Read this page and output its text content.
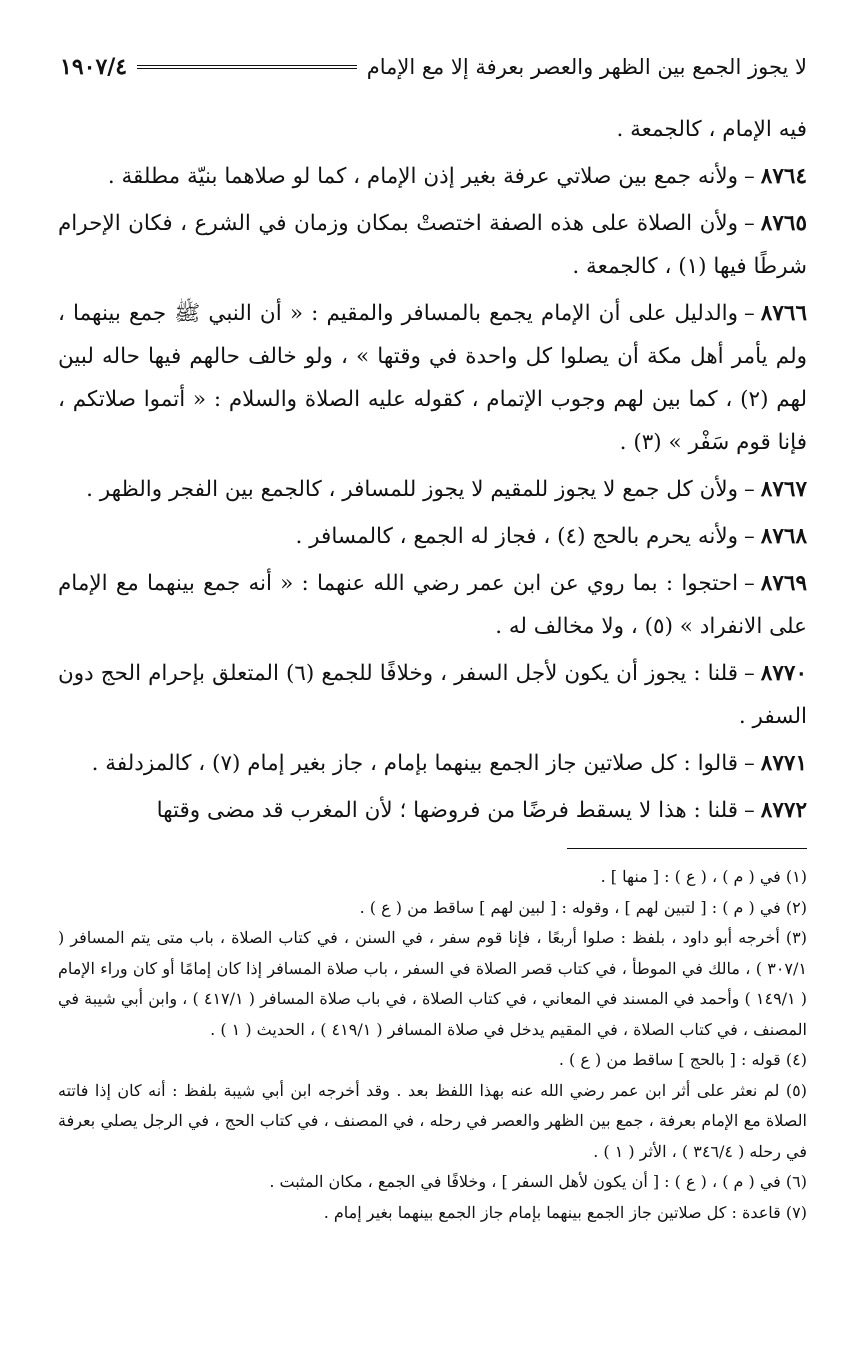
لا يجوز الجمع بين الظهر والعصر بعرفة إلا مع الإمام
١٩٠٧/٤

فيه الإمام ، كالجمعة .

٨٧٦٤–ولأنه جمع بين صلاتي عرفة بغير إذن الإمام ، كما لو صلاهما بنيّة مطلقة .

٨٧٦٥–ولأن الصلاة على هذه الصفة اختصتْ بمكان وزمان في الشرع ، فكان الإحرام شرطًا فيها (١) ، كالجمعة .

٨٧٦٦–والدليل على أن الإمام يجمع بالمسافر والمقيم : « أن النبي ﷺ جمع بينهما ، ولم يأمر أهل مكة أن يصلوا كل واحدة في وقتها » ، ولو خالف حالهم فيها حاله لبين لهم (٢) ، كما بين لهم وجوب الإتمام ، كقوله عليه الصلاة والسلام : « أتموا صلاتكم ، فإنا قوم سَفْر » (٣) .

٨٧٦٧–ولأن كل جمع لا يجوز للمقيم لا يجوز للمسافر ، كالجمع بين الفجر والظهر .

٨٧٦٨–ولأنه يحرم بالحج (٤) ، فجاز له الجمع ، كالمسافر .

٨٧٦٩–احتجوا : بما روي عن ابن عمر رضي الله عنهما : « أنه جمع بينهما مع الإمام على الانفراد » (٥) ، ولا مخالف له .

٨٧٧٠–قلنا : يجوز أن يكون لأجل السفر ، وخلافًا للجمع (٦) المتعلق بإحرام الحج دون السفر .

٨٧٧١–قالوا : كل صلاتين جاز الجمع بينهما بإمام ، جاز بغير إمام (٧) ، كالمزدلفة .

٨٧٧٢–قلنا : هذا لا يسقط فرضًا من فروضها ؛ لأن المغرب قد مضى وقتها

(١) في ( م ) ، ( ع ) : [ منها ] .

(٢) في ( م ) : [ لتبين لهم ] ، وقوله : [ لبين لهم ] ساقط من ( ع ) .

(٣) أخرجه أبو داود ، بلفظ : صلوا أربعًا ، فإنا قوم سفر ، في السنن ، في كتاب الصلاة ، باب متى يتم المسافر ( ٣٠٧/١ ) ، مالك في الموطأ ، في كتاب قصر الصلاة في السفر ، باب صلاة المسافر إذا كان إمامًا أو كان وراء الإمام ( ١٤٩/١ ) وأحمد في المسند في المعاني ، في كتاب الصلاة ، في باب صلاة المسافر ( ٤١٧/١ ) ، وابن أبي شيبة في المصنف ، في كتاب الصلاة ، في المقيم يدخل في صلاة المسافر ( ٤١٩/١ ) ، الحديث ( ١ ) .

(٤) قوله : [ بالحج ] ساقط من ( ع ) .

(٥) لم نعثر على أثر ابن عمر رضي الله عنه بهذا اللفظ بعد . وقد أخرجه ابن أبي شيبة بلفظ : أنه كان إذا فاتته الصلاة مع الإمام بعرفة ، جمع بين الظهر والعصر في رحله ، في المصنف ، في كتاب الحج ، في الرجل يصلي بعرفة في رحله ( ٣٤٦/٤ ) ، الأثر ( ١ ) .

(٦) في ( م ) ، ( ع ) : [ أن يكون لأهل السفر ] ، وخلافًا في الجمع ، مكان المثبت .

(٧) قاعدة : كل صلاتين جاز الجمع بينهما بإمام جاز الجمع بينهما بغير إمام .
